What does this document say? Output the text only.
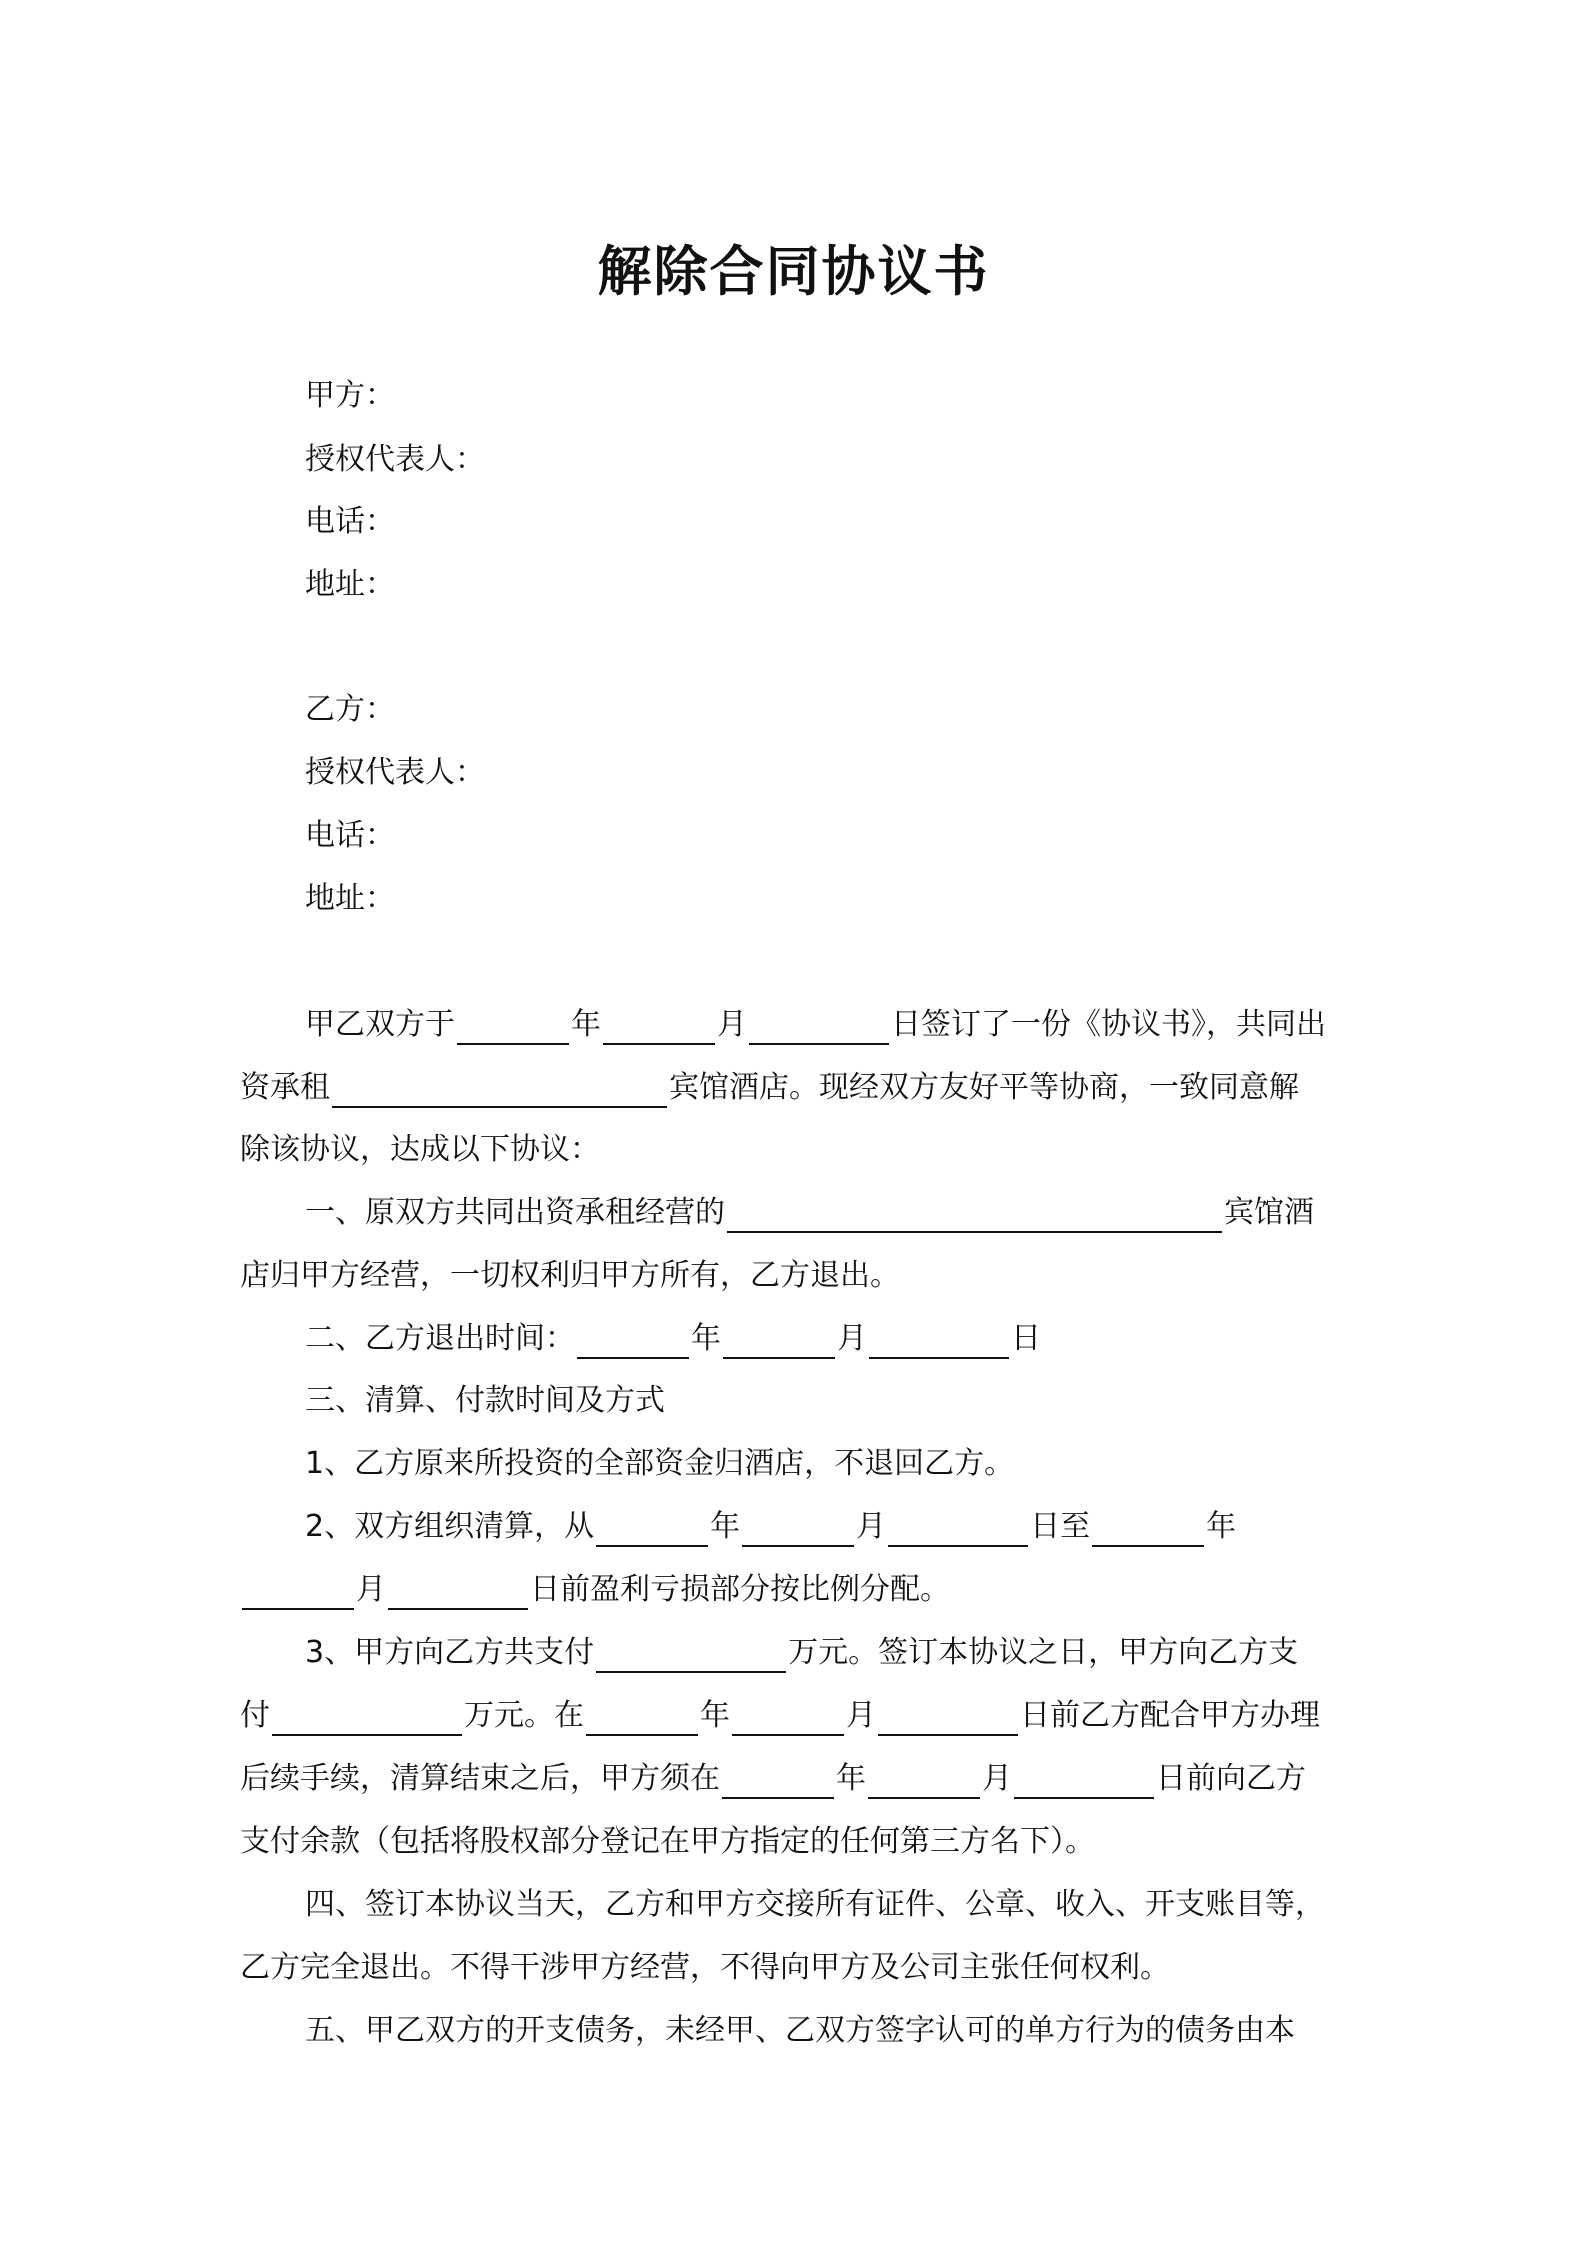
解除合同协议书

甲方：

授权代表人：

电话：

地址：

乙方：

授权代表人：

电话：

地址：

甲乙双方于	年	月	日签订了一份《协议书》，共同出

资承租	宾馆酒店。现经双方友好平等协商，一致同意解

除该协议，达成以下协议：

一、原双方共同出资承租经营的	宾馆酒

店归甲方经营，一切权利归甲方所有，乙方退出。

二、乙方退出时间：	年	月	日

三、清算、付款时间及方式

1、乙方原来所投资的全部资金归酒店，不退回乙方。

2、双方组织清算，从	年	月	日至	年

月	日前盈利亏损部分按比例分配。

3、甲方向乙方共支付	万元。签订本协议之日，甲方向乙方支

付	万元。在	年	月	日前乙方配合甲方办理

后续手续，清算结束之后，甲方须在	年	月	日前向乙方

支付余款（包括将股权部分登记在甲方指定的任何第三方名下）。

四、签订本协议当天，乙方和甲方交接所有证件、公章、收入、开支账目等，

乙方完全退出。不得干涉甲方经营，不得向甲方及公司主张任何权利。

五、甲乙双方的开支债务，未经甲、乙双方签字认可的单方行为的债务由本
